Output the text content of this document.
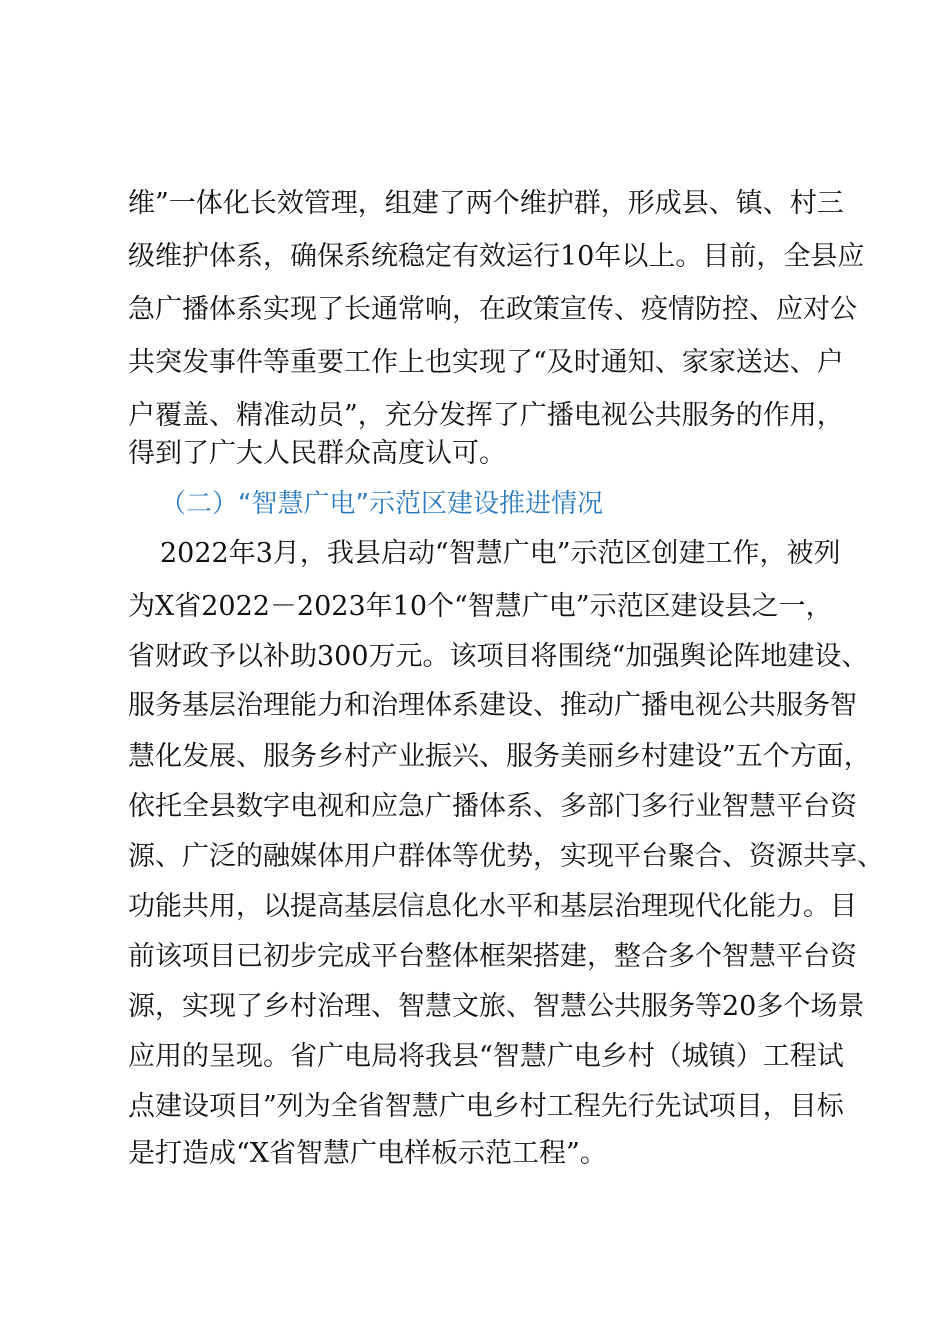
维”一体化长效管理，组建了两个维护群，形成县、镇、村三
级维护体系，确保系统稳定有效运行10年以上。目前，全县应
急广播体系实现了长通常响，在政策宣传、疫情防控、应对公
共突发事件等重要工作上也实现了“及时通知、家家送达、户
户覆盖、精准动员”，充分发挥了广播电视公共服务的作用，
得到了广大人民群众高度认可。
（二）“智慧广电”示范区建设推进情况
2022年3月，我县启动“智慧广电”示范区创建工作，被列
为X省2022－2023年10个“智慧广电”示范区建设县之一，
省财政予以补助300万元。该项目将围绕“加强舆论阵地建设、
服务基层治理能力和治理体系建设、推动广播电视公共服务智
慧化发展、服务乡村产业振兴、服务美丽乡村建设”五个方面，
依托全县数字电视和应急广播体系、多部门多行业智慧平台资
源、广泛的融媒体用户群体等优势，实现平台聚合、资源共享、
功能共用，以提高基层信息化水平和基层治理现代化能力。目
前该项目已初步完成平台整体框架搭建，整合多个智慧平台资
源，实现了乡村治理、智慧文旅、智慧公共服务等20多个场景
应用的呈现。省广电局将我县“智慧广电乡村（城镇）工程试
点建设项目”列为全省智慧广电乡村工程先行先试项目，目标
是打造成“X省智慧广电样板示范工程”。
